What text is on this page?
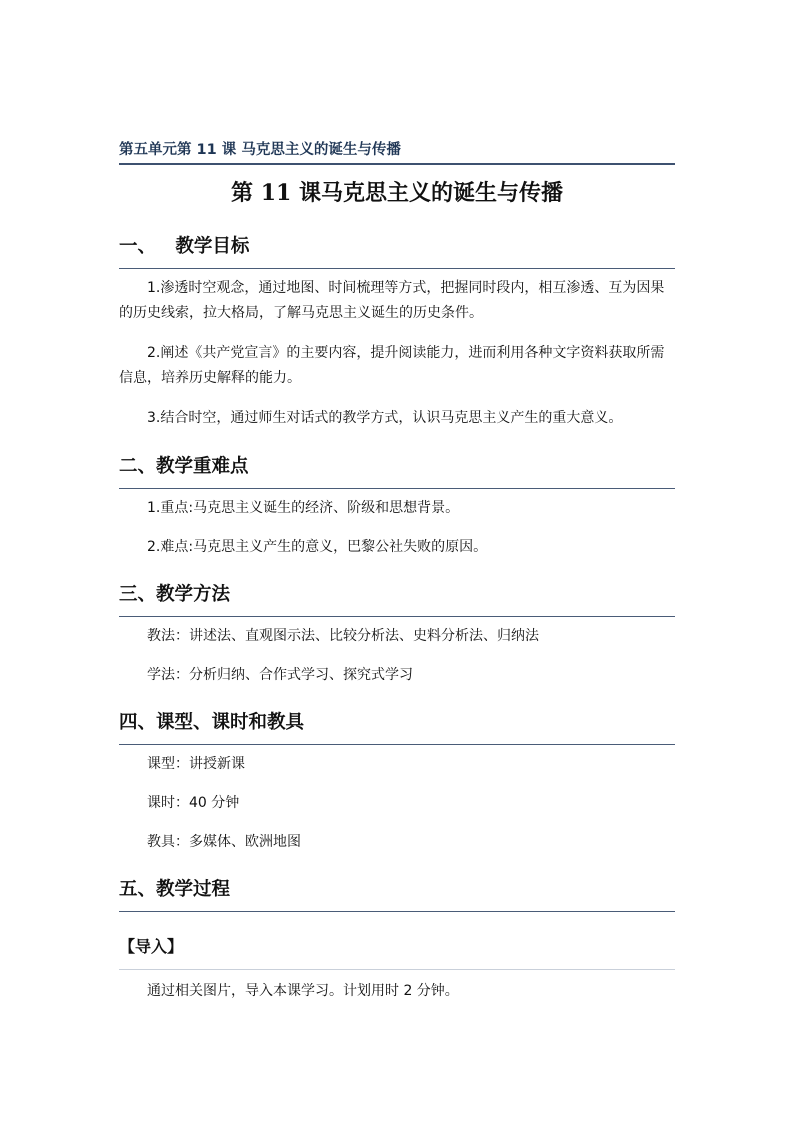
第五单元第 11 课 马克思主义的诞生与传播
第 11 课马克思主义的诞生与传播
一、   教学目标
1.渗透时空观念，通过地图、时间梳理等方式，把握同时段内，相互渗透、互为因果的历史线索，拉大格局，了解马克思主义诞生的历史条件。
2.阐述《共产党宣言》的主要内容，提升阅读能力，进而利用各种文字资料获取所需信息，培养历史解释的能力。
3.结合时空，通过师生对话式的教学方式，认识马克思主义产生的重大意义。
二、教学重难点
1.重点:马克思主义诞生的经济、阶级和思想背景。
2.难点:马克思主义产生的意义，巴黎公社失败的原因。
三、教学方法
教法：讲述法、直观图示法、比较分析法、史料分析法、归纳法
学法：分析归纳、合作式学习、探究式学习
四、课型、课时和教具
课型：讲授新课
课时：40 分钟
教具：多媒体、欧洲地图
五、教学过程
【导入】
通过相关图片，导入本课学习。计划用时 2 分钟。
